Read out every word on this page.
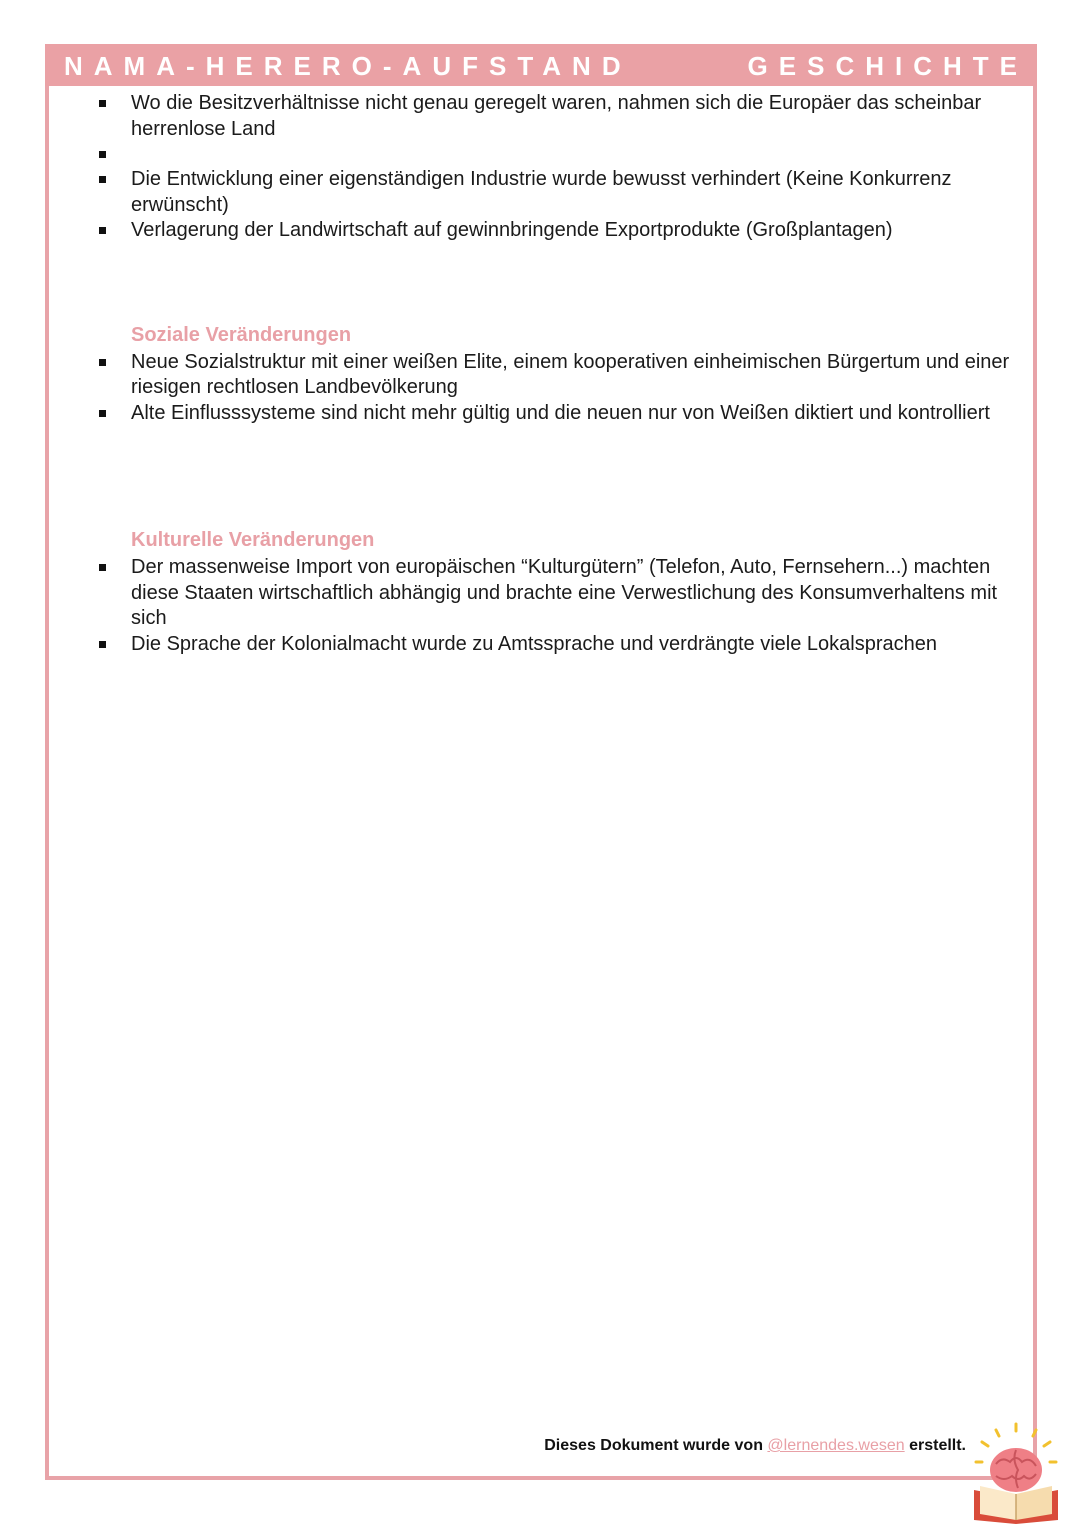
NAMA-HERERO-AUFSTAND	GESCHICHTE
Wo die Besitzverhältnisse nicht genau geregelt waren, nahmen sich die Europäer das scheinbar herrenlose Land
Die Entwicklung einer eigenständigen Industrie wurde bewusst verhindert (Keine Konkurrenz erwünscht)
Verlagerung der Landwirtschaft auf gewinnbringende Exportprodukte (Großplantagen)
Soziale Veränderungen
Neue Sozialstruktur mit einer weißen Elite, einem kooperativen einheimischen Bürgertum und einer riesigen rechtlosen Landbevölkerung
Alte Einflusssysteme sind nicht mehr gültig und die neuen nur von Weißen diktiert und kontrolliert
Kulturelle Veränderungen
Der massenweise Import von europäischen “Kulturgütern” (Telefon, Auto, Fernsehern...) machten diese Staaten wirtschaftlich abhängig und brachte eine Verwestlichung des Konsumverhaltens mit sich
Die Sprache der Kolonialmacht wurde zu Amtssprache und verdrängte viele Lokalsprachen
Dieses Dokument wurde von @lernendes.wesen erstellt.
